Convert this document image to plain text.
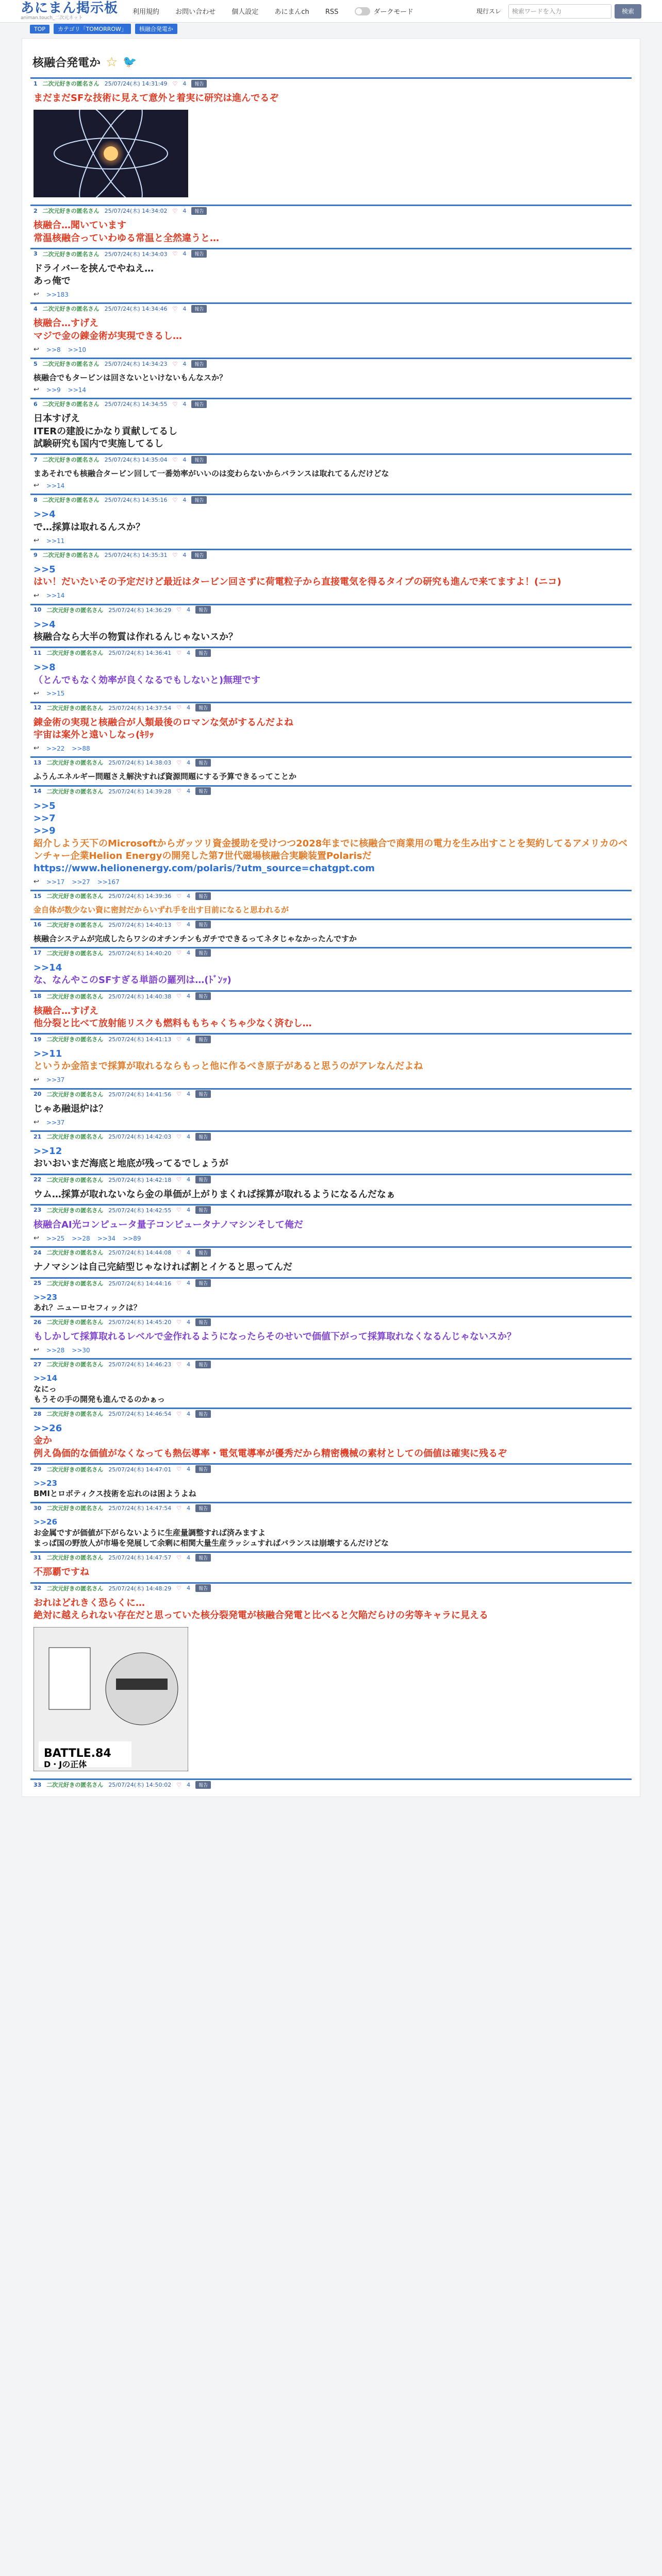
あにまん掲示板
animan.touch_二次元ネット
利用規約 お問い合わせ 個人設定 あにまんch RSS	ダークモード	現行スレ 検索ワードを入力	検索
TOP	カテゴリ「TOMORROW」	核融合発電か
核融合発電か ☆ 🐦
1 二次元好きの匿名さん 25/07/24(木) 14:31:49 ♡ 4	報告
まだまだSFな技術に見えて意外と着実に研究は進んでるぞ
2 二次元好きの匿名さん 25/07/24(木) 14:34:02 ♡ 4	報告
核融合…聞いています
常温核融合っていわゆる常温と全然違うと…
3 二次元好きの匿名さん 25/07/24(木) 14:34:03 ♡ 4	報告
ドライバーを挟んでやねえ…
あっ俺で
↩ >>183
4 二次元好きの匿名さん 25/07/24(木) 14:34:46 ♡ 4	報告
核融合…すげえ
マジで金の錬金術が実現できるし…
↩ >>8 >>10
5 二次元好きの匿名さん 25/07/24(木) 14:34:23 ♡ 4	報告
核融合でもタービンは回さないといけないもんなスか？
↩ >>9 >>14
6 二次元好きの匿名さん 25/07/24(木) 14:34:55 ♡ 4	報告
日本すげえ
ITERの建設にかなり貢献してるし
試験研究も国内で実施してるし
7 二次元好きの匿名さん 25/07/24(木) 14:35:04 ♡ 4	報告
まあそれでも核融合タービン回して一番効率がいいのは変わらないからバランスは取れてるんだけどな
↩ >>14
8 二次元好きの匿名さん 25/07/24(木) 14:35:16 ♡ 4	報告
>>4
で…採算は取れるんスか？
↩ >>11
9 二次元好きの匿名さん 25/07/24(木) 14:35:31 ♡ 4	報告
>>5
はい！だいたいその予定だけど最近はタービン回さずに荷電粒子から直接電気を得るタイプの研究も進んで来てますよ！(ニコ)
↩ >>14
10 二次元好きの匿名さん 25/07/24(木) 14:36:29 ♡ 4	報告
>>4
核融合なら大半の物質は作れるんじゃないスか？
11 二次元好きの匿名さん 25/07/24(木) 14:36:41 ♡ 4	報告
>>8
（とんでもなく効率が良くなるでもしないと)無理です
↩ >>15
12 二次元好きの匿名さん 25/07/24(木) 14:37:54 ♡ 4	報告
錬金術の実現と核融合が人類最後のロマンな気がするんだよね
宇宙は案外と遠いしなっ(ｷﾘｯ
↩ >>22 >>88
13 二次元好きの匿名さん 25/07/24(木) 14:38:03 ♡ 4	報告
ふうんエネルギー問題さえ解決すれば資源問題にする予算できるってことか
14 二次元好きの匿名さん 25/07/24(木) 14:39:28 ♡ 4	報告
>>5
>>7
>>9
紹介しよう天下のMicrosoftからガッツリ資金援助を受けつつ2028年までに核融合で商業用の電力を生み出すことを契約してるアメリカのベンチャー企業Helion Energyの開発した第7世代磁場核融合実験装置Polarisだ
https://www.helionenergy.com/polaris/?utm_source=chatgpt.com
↩ >>17 >>27 >>167
15 二次元好きの匿名さん 25/07/24(木) 14:39:36 ♡ 4	報告
金自体が数少ない資に密封だからいずれ手を出す目前になると思われるが
16 二次元好きの匿名さん 25/07/24(木) 14:40:13 ♡ 4	報告
核融合システムが完成したらワシのオチンチンもガチでできるってネタじゃなかったんですか
17 二次元好きの匿名さん 25/07/24(木) 14:40:20 ♡ 4	報告
>>14
な、なんやこのSFすぎる単語の羅列は…(ﾄﾞﾝｯ)
18 二次元好きの匿名さん 25/07/24(木) 14:40:38 ♡ 4	報告
核融合…すげえ
他分裂と比べて放射能リスクも燃料ももちゃくちゃ少なく済むし…
19 二次元好きの匿名さん 25/07/24(木) 14:41:13 ♡ 4	報告
>>11
というか金箔まで採算が取れるならもっと他に作るべき原子があると思うのがアレなんだよね
↩ >>37
20 二次元好きの匿名さん 25/07/24(木) 14:41:56 ♡ 4	報告
じゃあ融退炉は？
↩ >>37
21 二次元好きの匿名さん 25/07/24(木) 14:42:03 ♡ 4	報告
>>12
おいおいまだ海底と地底が残ってるでしょうが
22 二次元好きの匿名さん 25/07/24(木) 14:42:18 ♡ 4	報告
ウム…採算が取れないなら金の単価が上がりまくれば採算が取れるようになるんだなぁ
23 二次元好きの匿名さん 25/07/24(木) 14:42:55 ♡ 4	報告
核融合AI光コンピュータ量子コンピュータナノマシンそして俺だ
↩ >>25 >>28 >>34 >>89
24 二次元好きの匿名さん 25/07/24(木) 14:44:08 ♡ 4	報告
ナノマシンは自己完結型じゃなければ割とイケると思ってんだ
25 二次元好きの匿名さん 25/07/24(木) 14:44:16 ♡ 4	報告
>>23
あれ？ニューロセフィックは？
26 二次元好きの匿名さん 25/07/24(木) 14:45:20 ♡ 4	報告
もしかして採算取れるレベルで金作れるようになったらそのせいで価値下がって採算取れなくなるんじゃないスか？
↩ >>28 >>30
27 二次元好きの匿名さん 25/07/24(木) 14:46:23 ♡ 4	報告
>>14
なにっ
もうその手の開発も進んでるのかぁっ
28 二次元好きの匿名さん 25/07/24(木) 14:46:54 ♡ 4	報告
>>26
金か
例え偽価的な価値がなくなっても熱伝導率・電気電導率が優秀だから精密機械の素材としての価値は確実に残るぞ
29 二次元好きの匿名さん 25/07/24(木) 14:47:01 ♡ 4	報告
>>23
BMIとロボティクス技術を忘れのは困ようよね
30 二次元好きの匿名さん 25/07/24(木) 14:47:54 ♡ 4	報告
>>26
お金属ですが価値が下がらないように生産量調整すれば済みますよ
まっぱ国の野放人が市場を発展して余剰に相関大量生産ラッシュすればバランスは崩壊するんだけどな
31 二次元好きの匿名さん 25/07/24(木) 14:47:57 ♡ 4	報告
不那覇ですね
32 二次元好きの匿名さん 25/07/24(木) 14:48:29 ♡ 4	報告
おれはどれきく恐らくに…
絶対に越えられない存在だと思っていた核分裂発電が核融合発電と比べると欠陥だらけの劣等キャラに見える
BATTLE.84
D・Jの正体
33 二次元好きの匿名さん 25/07/24(木) 14:50:02 ♡ 4	報告
